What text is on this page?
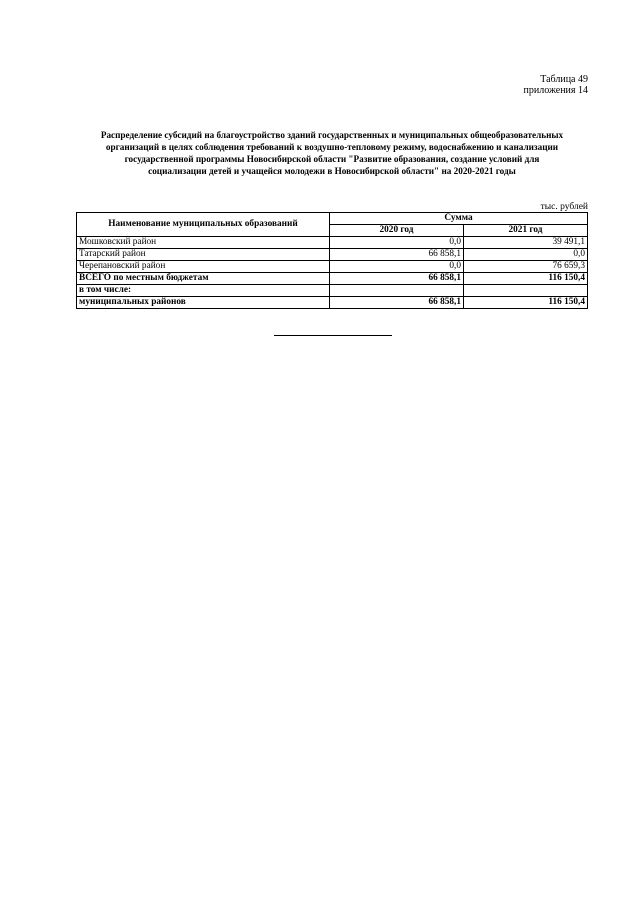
Таблица 49
приложения 14
Распределение субсидий на благоустройство зданий государственных и муниципальных общеобразовательных
организаций в целях соблюдения требований к воздушно-тепловому режиму, водоснабжению и канализации
государственной программы Новосибирской области "Развитие образования, создание условий для
социализации детей и учащейся молодежи в Новосибирской области" на 2020-2021 годы
тыс. рублей
Наименование муниципальных образований	Сумма	
	2020 год	2021 год
Мошковский район	0,0	39 491,1
Татарский район	66 858,1	0,0
Черепановский район	0,0	76 659,3
ВСЕГО по местным бюджетам	66 858,1	116 150,4
в том числе:		
муниципальных районов	66 858,1	116 150,4
